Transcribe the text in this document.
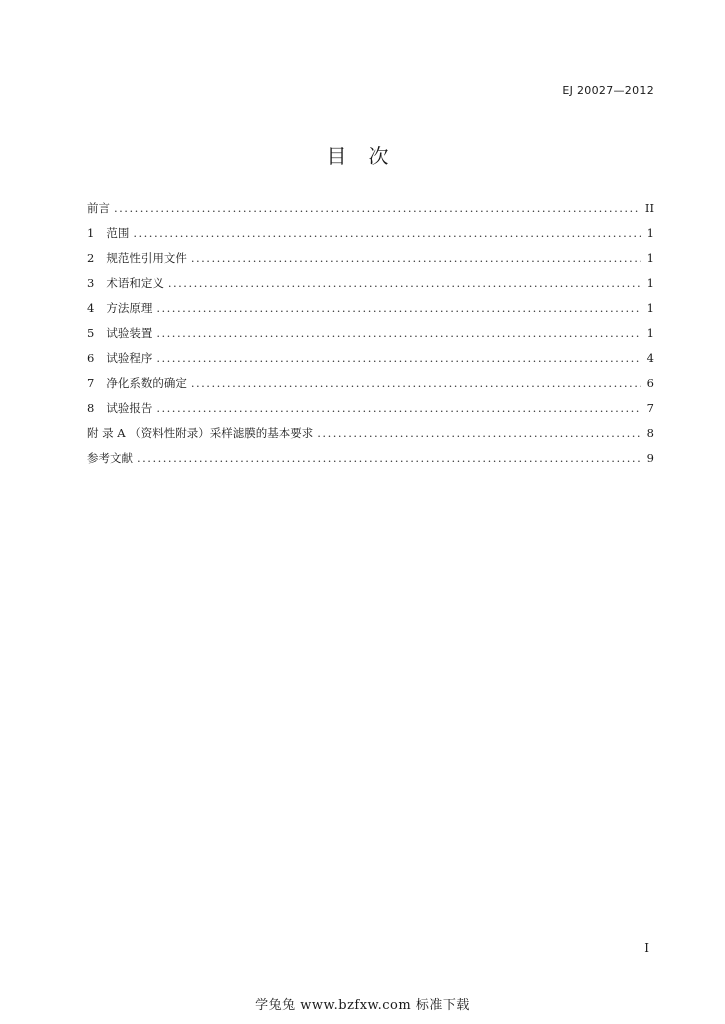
EJ 20027—2012
目次
前言 .....	II
1 范围 .....	1
2 规范性引用文件 .....	1
3 术语和定义 .....	1
4 方法原理 .....	1
5 试验装置 .....	1
6 试验程序 .....	4
7 净化系数的确定 .....	6
8 试验报告 .....	7
附 录 A （资料性附录）采样滤膜的基本要求 .....	8
参考文献 .....	9
I
学兔兔 www.bzfxw.com 标准下载
